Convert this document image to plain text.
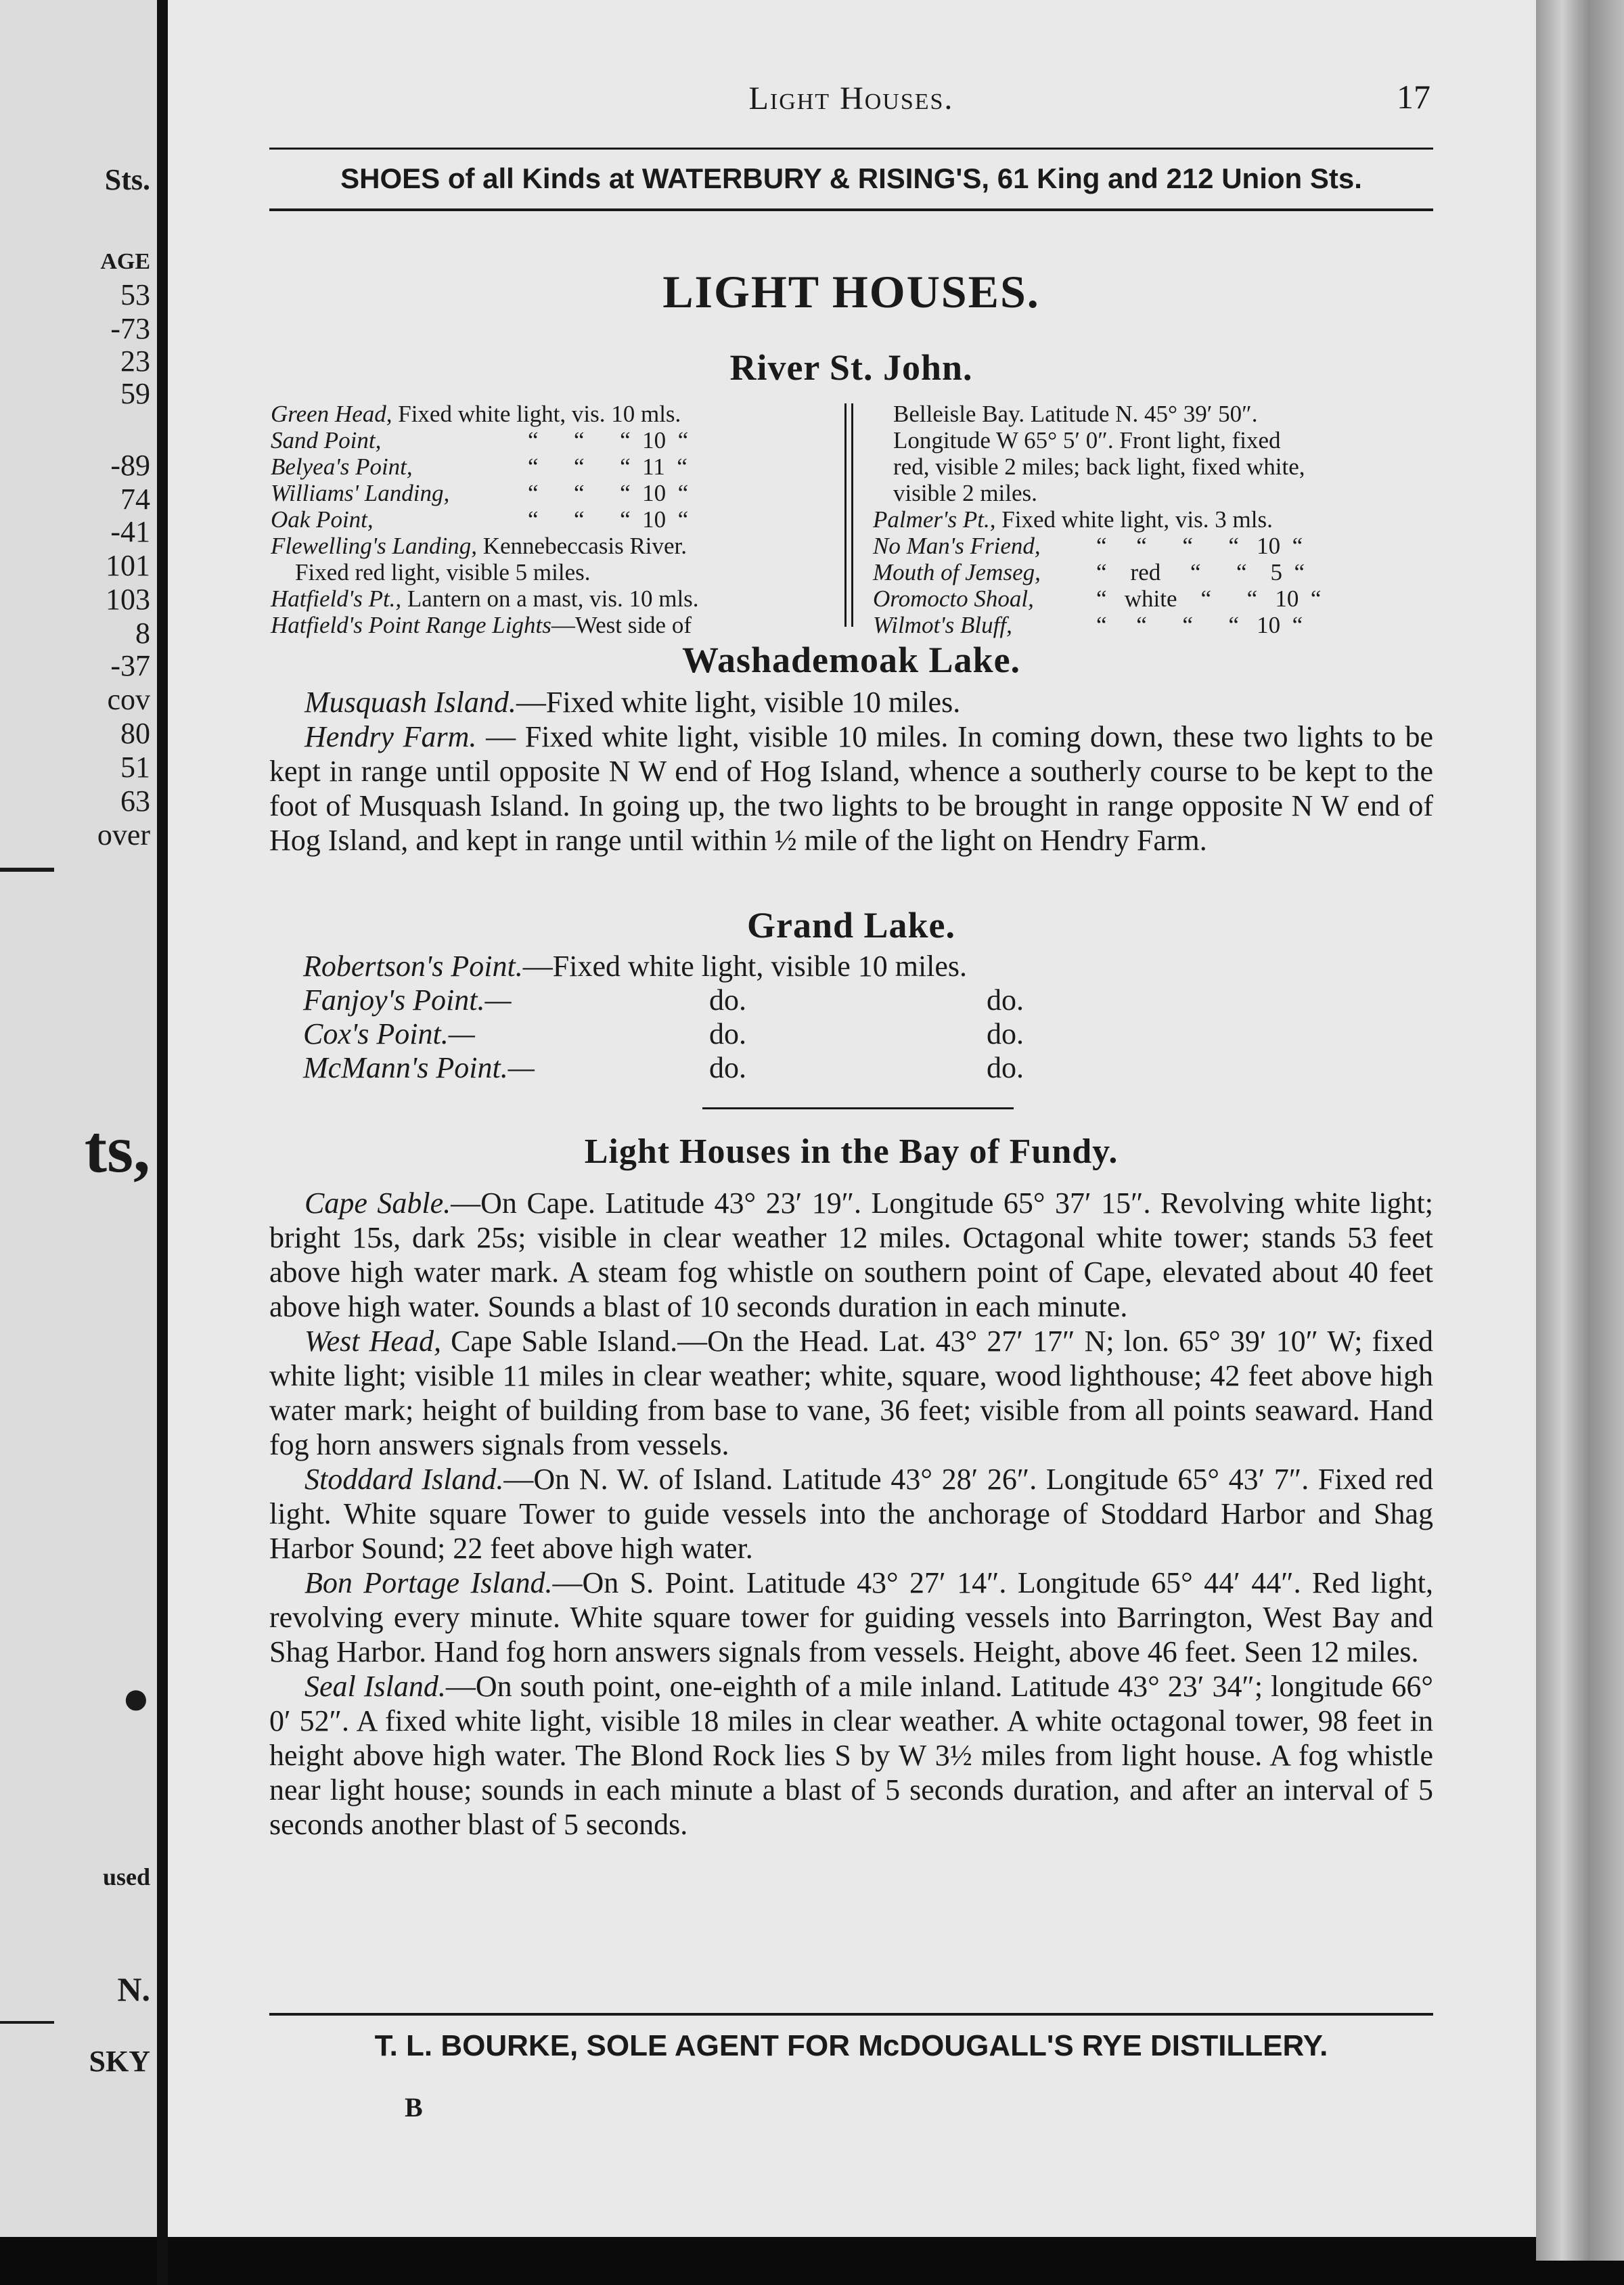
Sts.
AGE
53
-73
23
59
-89
74
-41
101
103
8
-37
cov
80
51
63
over
ts,
●
used
N.
SKY
Light Houses.	17
SHOES of all Kinds at WATERBURY & RISING'S, 61 King and 212 Union Sts.
LIGHT HOUSES.
River St. John.
Green Head, Fixed white light, vis. 10 mls.
Sand Point,	“      “      “  10  “
Belyea's Point,	“      “      “  11  “
Williams' Landing,	“      “      “  10  “
Oak Point,	“      “      “  10  “
Flewelling's Landing, Kennebeccasis River.
Fixed red light, visible 5 miles.
Hatfield's Pt., Lantern on a mast, vis. 10 mls.
Hatfield's Point Range Lights—West side of
Belleisle Bay. Latitude N. 45° 39′ 50″.
Longitude W 65° 5′ 0″. Front light, fixed
red, visible 2 miles; back light, fixed white,
visible 2 miles.
Palmer's Pt., Fixed white light, vis. 3 mls.
No Man's Friend, “     “      “      “   10  “
Mouth of Jemseg, “    red     “      “    5  “
Oromocto Shoal,	“   white    “      “   10  “
Wilmot's Bluff,	“     “      “      “   10  “
Washademoak Lake.

Musquash Island.—Fixed white light, visible 10 miles.

Hendry Farm. — Fixed white light, visible 10 miles. In coming down, these two lights to be kept in range until opposite N W end of Hog Island, whence a southerly course to be kept to the foot of Musquash Island. In going up, the two lights to be brought in range opposite N W end of Hog Island, and kept in range until within ½ mile of the light on Hendry Farm.

Grand Lake.
Robertson's Point.—Fixed white light, visible 10 miles.
Fanjoy's Point.—	do.	do.
Cox's Point.—	do.	do.
McMann's Point.—	do.	do.
Light Houses in the Bay of Fundy.

Cape Sable.—On Cape. Latitude 43° 23′ 19″. Longitude 65° 37′ 15″. Revolving white light; bright 15s, dark 25s; visible in clear weather 12 miles. Octagonal white tower; stands 53 feet above high water mark. A steam fog whistle on southern point of Cape, elevated about 40 feet above high water. Sounds a blast of 10 seconds duration in each minute.

West Head, Cape Sable Island.—On the Head. Lat. 43° 27′ 17″ N; lon. 65° 39′ 10″ W; fixed white light; visible 11 miles in clear weather; white, square, wood lighthouse; 42 feet above high water mark; height of building from base to vane, 36 feet; visible from all points seaward. Hand fog horn answers signals from vessels.

Stoddard Island.—On N. W. of Island. Latitude 43° 28′ 26″. Longitude 65° 43′ 7″. Fixed red light. White square Tower to guide vessels into the anchorage of Stoddard Harbor and Shag Harbor Sound; 22 feet above high water.

Bon Portage Island.—On S. Point. Latitude 43° 27′ 14″. Longitude 65° 44′ 44″. Red light, revolving every minute. White square tower for guiding vessels into Barrington, West Bay and Shag Harbor. Hand fog horn answers signals from vessels. Height, above 46 feet. Seen 12 miles.

Seal Island.—On south point, one-eighth of a mile inland. Latitude 43° 23′ 34″; longitude 66° 0′ 52″. A fixed white light, visible 18 miles in clear weather. A white octagonal tower, 98 feet in height above high water. The Blond Rock lies S by W 3½ miles from light house. A fog whistle near light house; sounds in each minute a blast of 5 seconds duration, and after an interval of 5 seconds another blast of 5 seconds.

T. L. BOURKE, SOLE AGENT FOR McDOUGALL'S RYE DISTILLERY.
B
